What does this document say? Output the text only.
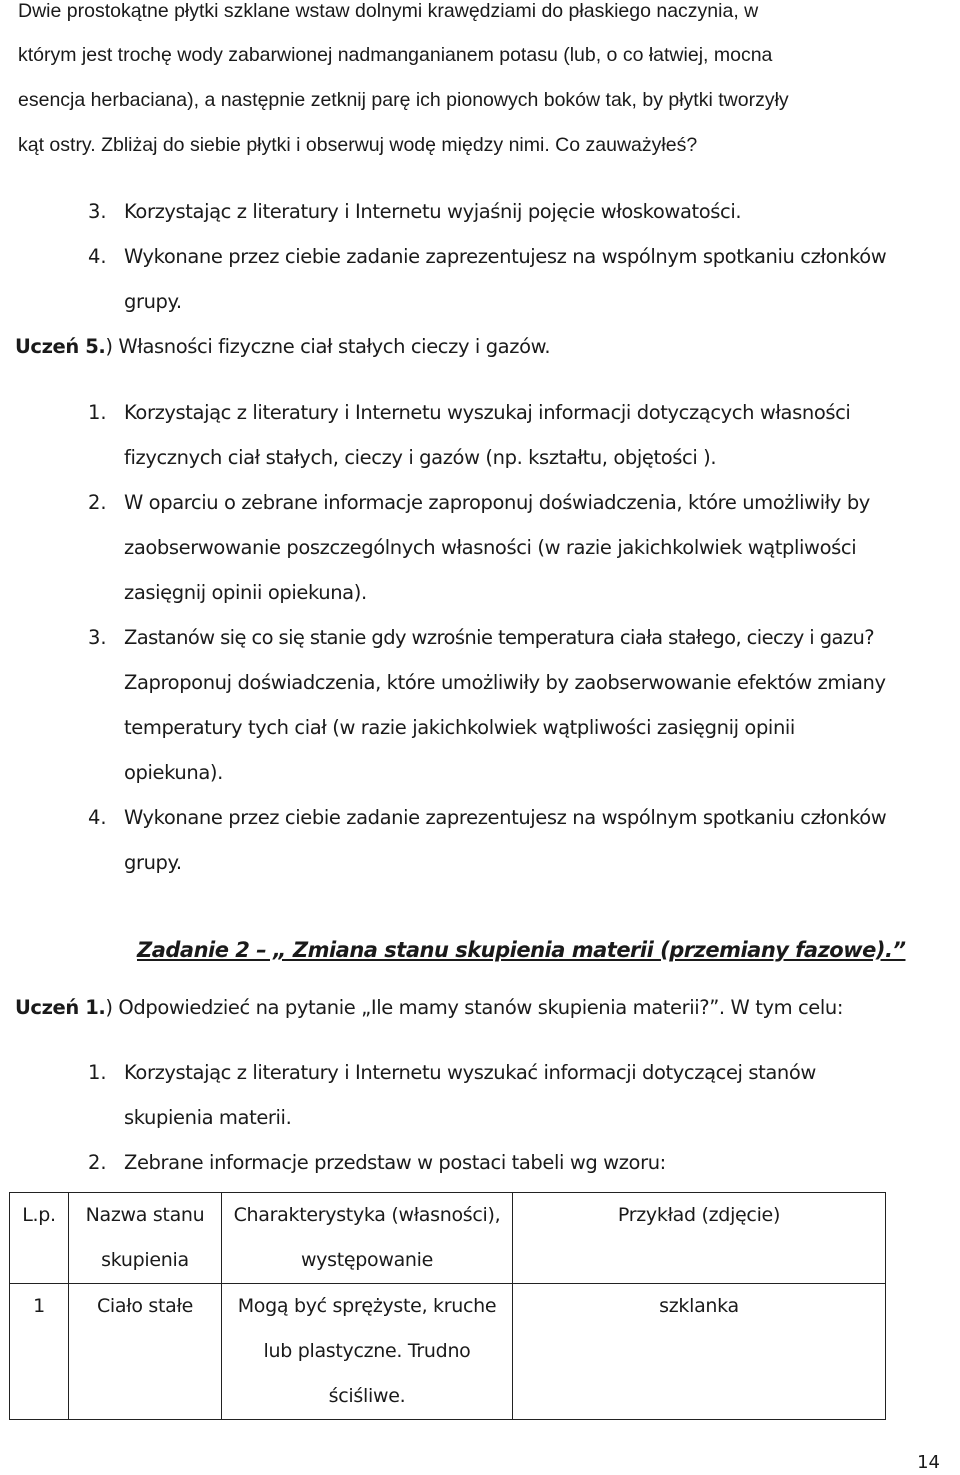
Dwie prostokątne płytki szklane wstaw dolnymi krawędziami do płaskiego naczynia, w
którym jest trochę wody zabarwionej nadmanganianem potasu (lub, o co łatwiej, mocna
esencja herbaciana), a następnie zetknij parę ich pionowych boków tak, by płytki tworzyły
kąt ostry. Zbliżaj do siebie płytki i obserwuj wodę między nimi. Co zauważyłeś?
3. Korzystając z literatury i Internetu wyjaśnij pojęcie włoskowatości.
4. Wykonane przez ciebie zadanie zaprezentujesz na wspólnym spotkaniu członków
grupy.
Uczeń 5.) Własności fizyczne ciał stałych cieczy i gazów.
1. Korzystając z literatury i Internetu wyszukaj informacji dotyczących własności
fizycznych ciał stałych, cieczy i gazów (np. kształtu, objętości ).
2. W oparciu o zebrane informacje zaproponuj doświadczenia, które umożliwiły by
zaobserwowanie poszczególnych własności (w razie jakichkolwiek wątpliwości
zasięgnij opinii opiekuna).
3. Zastanów się co się stanie gdy wzrośnie temperatura ciała stałego, cieczy i gazu?
Zaproponuj doświadczenia, które umożliwiły by zaobserwowanie efektów zmiany
temperatury tych ciał (w razie jakichkolwiek wątpliwości zasięgnij opinii
opiekuna).
4. Wykonane przez ciebie zadanie zaprezentujesz na wspólnym spotkaniu członków
grupy.
Zadanie 2 – „ Zmiana stanu skupienia materii (przemiany fazowe).”
Uczeń 1.) Odpowiedzieć na pytanie „Ile mamy stanów skupienia materii?”. W tym celu:
1. Korzystając z literatury i Internetu wyszukać informacji dotyczącej stanów
skupienia materii.
2. Zebrane informacje przedstaw w postaci tabeli wg wzoru:
L.p.	Nazwa stanu skupienia	Charakterystyka (własności), występowanie	Przykład (zdjęcie)
1	Ciało stałe	Mogą być sprężyste, kruche lub plastyczne. Trudno ściśliwe.	szklanka
14
